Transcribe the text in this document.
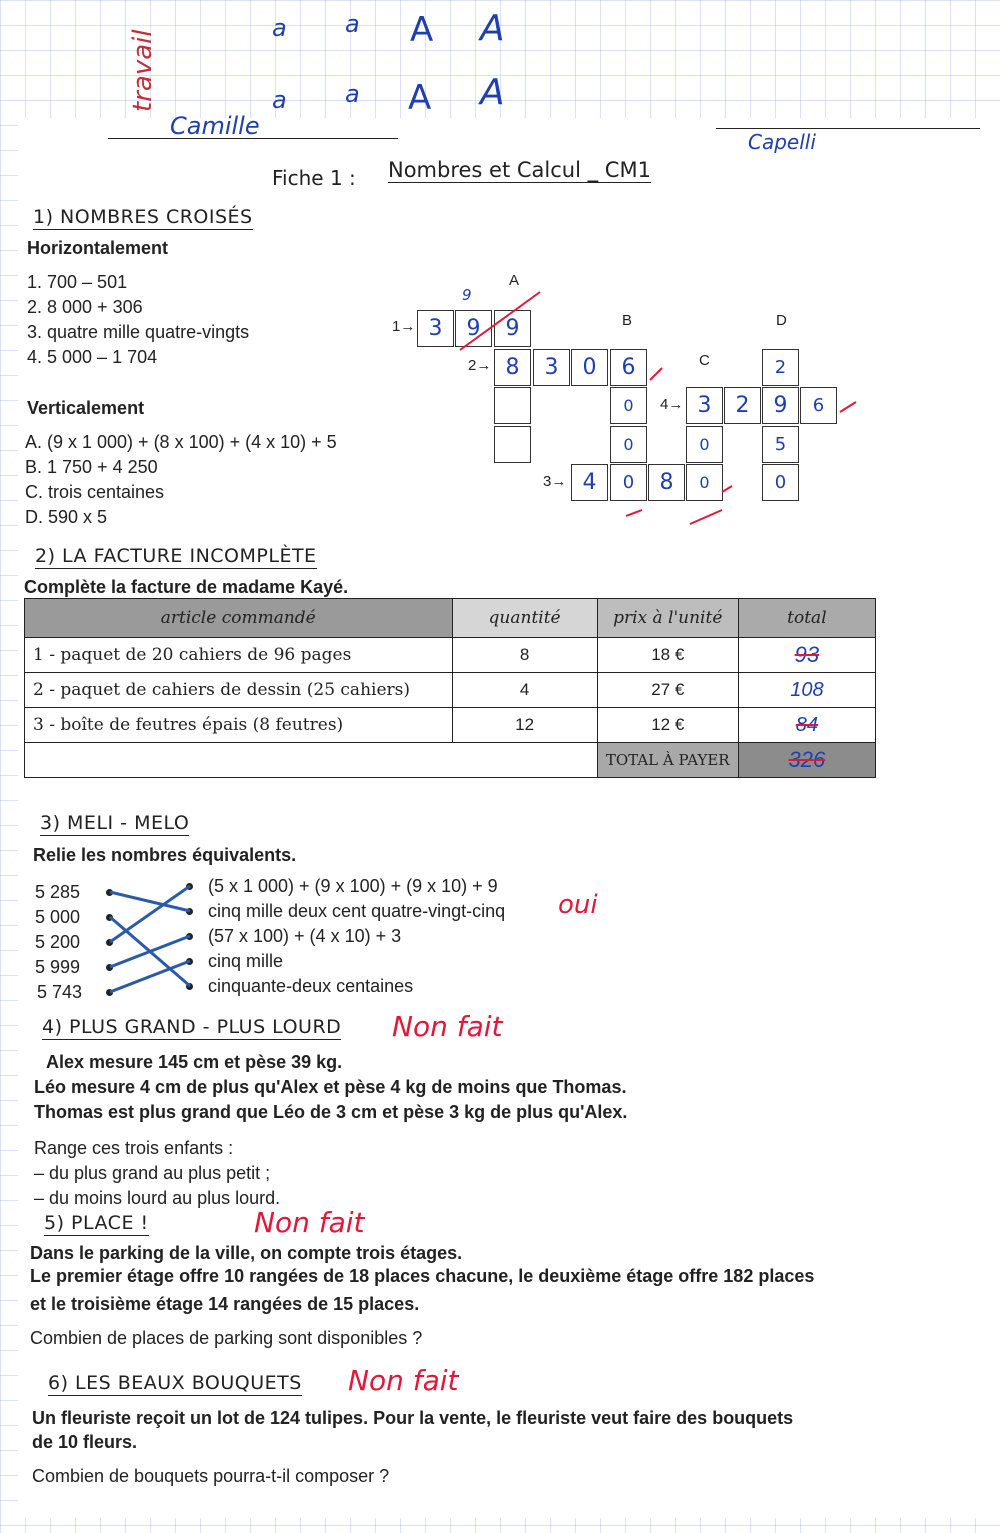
travail
a a A A
a a A A
Camille
Capelli
Fiche 1 : Nombres et Calcul _ CM1
1) NOMBRES CROISÉS
Horizontalement
1. 700 – 501
2. 8 000 + 306
3. quatre mille quatre-vingts
4. 5 000 – 1 704
Verticalement
A. (9 x 1 000) + (8 x 100) + (4 x 10) + 5
B. 1 750 + 4 250
C. trois centaines
D. 590 x 5
A
B
C
D
1→
2→
4→
3→
3	9	9
9
8	3	0	6
0
0
3	2	9	6
2
5
0
0
4	0	8	0
2) LA FACTURE INCOMPLÈTE
Complète la facture de madame Kayé.
article commandé	quantité	prix à l'unité	total
1 - paquet de 20 cahiers de 96 pages	8	18 €	93
2 - paquet de cahiers de dessin (25 cahiers)	4	27 €	108
3 - boîte de feutres épais (8 feutres)	12	12 €	84
		TOTAL À PAYER	326
3) MELI - MELO
Relie les nombres équivalents.
5 285
5 000
5 200
5 999
5 743
(5 x 1 000) + (9 x 100) + (9 x 10) + 9
cinq mille deux cent quatre-vingt-cinq
(57 x 100) + (4 x 10) + 3
cinq mille
cinquante-deux centaines
oui
4) PLUS GRAND - PLUS LOURD Non fait
Alex mesure 145 cm et pèse 39 kg.
Léo mesure 4 cm de plus qu'Alex et pèse 4 kg de moins que Thomas.
Thomas est plus grand que Léo de 3 cm et pèse 3 kg de plus qu'Alex.
Range ces trois enfants :
– du plus grand au plus petit ;
– du moins lourd au plus lourd.
5) PLACE !	Non fait
Dans le parking de la ville, on compte trois étages.
Le premier étage offre 10 rangées de 18 places chacune, le deuxième étage offre 182 places
et le troisième étage 14 rangées de 15 places.
Combien de places de parking sont disponibles ?
6) LES BEAUX BOUQUETS Non fait
Un fleuriste reçoit un lot de 124 tulipes. Pour la vente, le fleuriste veut faire des bouquets
de 10 fleurs.
Combien de bouquets pourra-t-il composer ?
